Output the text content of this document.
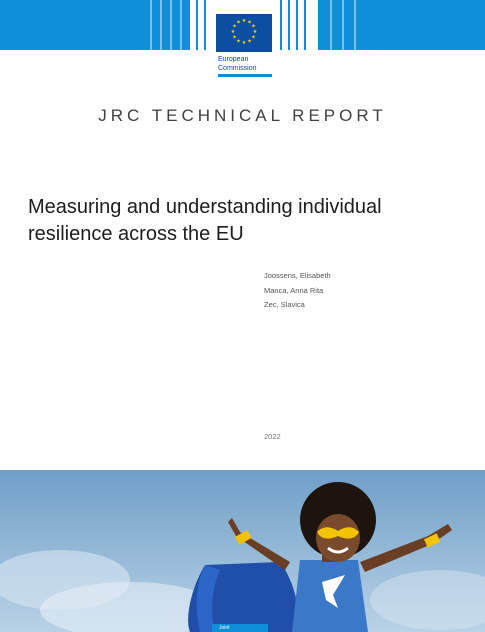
★ ★
★
★
★
★
★
★
★
★
★
★
European
Commission
JRC TECHNICAL REPORT
Measuring and understanding individual resilience across the EU
Joossens, Elisabeth
Manca, Anna Rita
Zec, Slavica
2022
Joint
